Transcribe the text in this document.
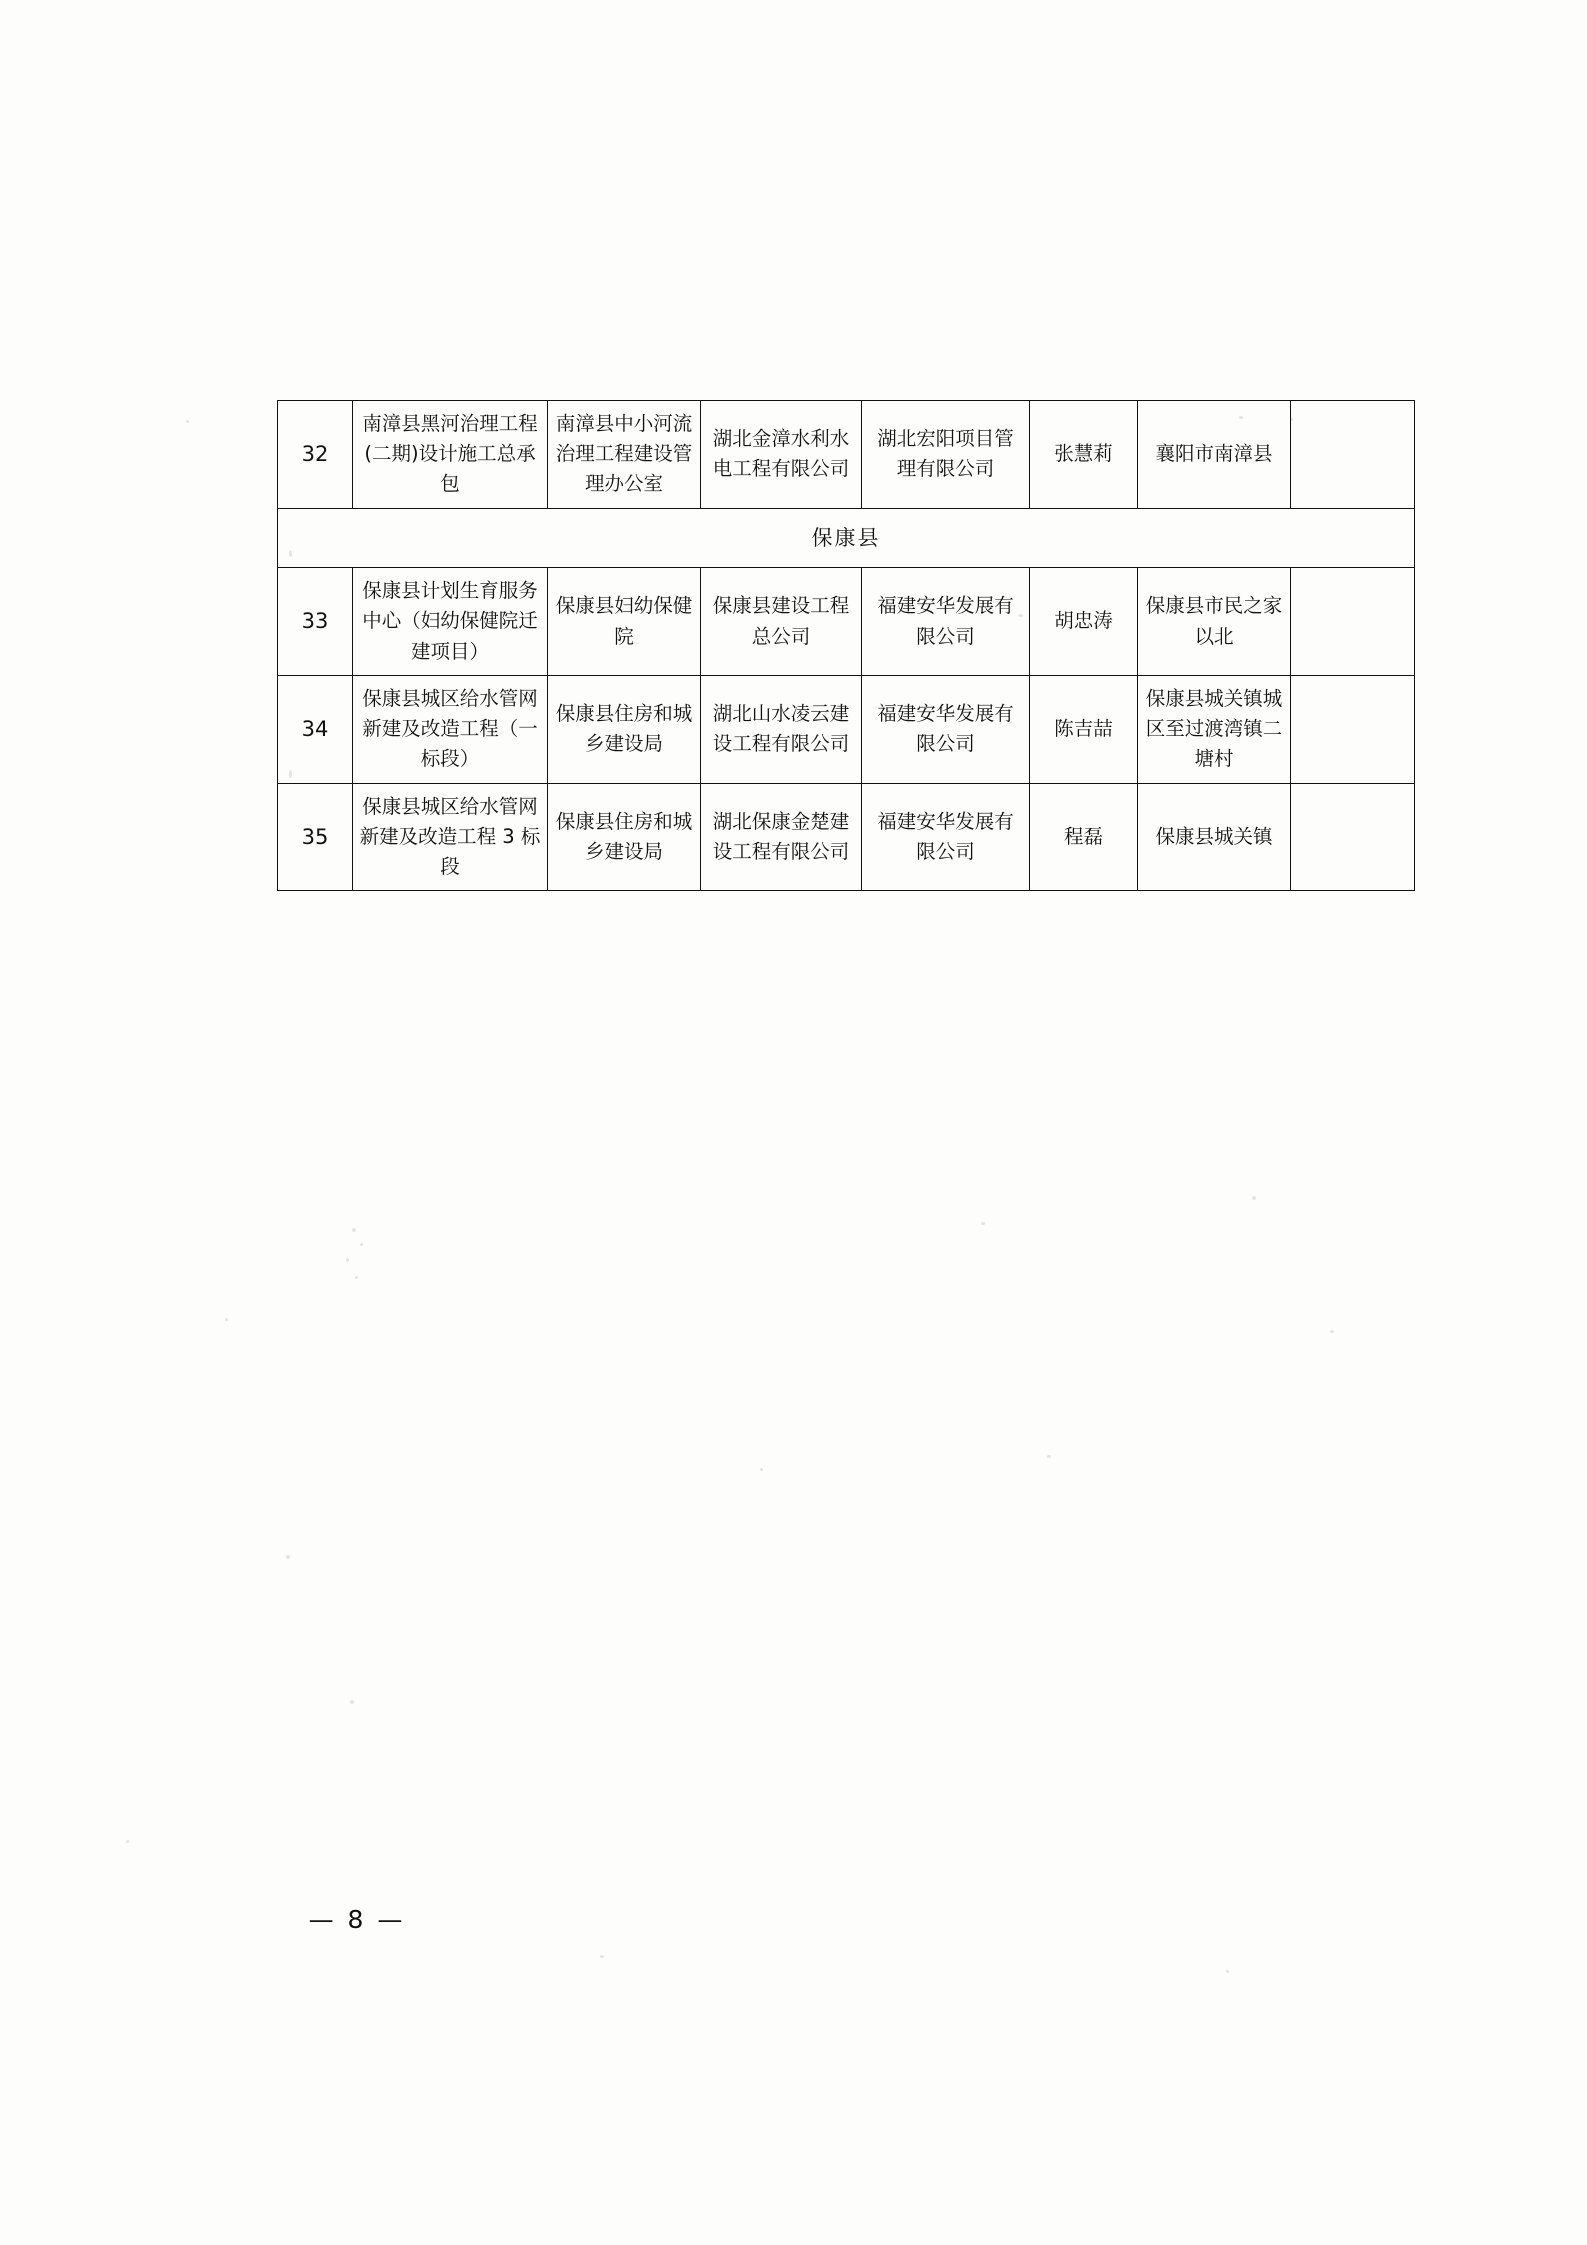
32	南漳县黑河治理工程(二期)设计施工总承包	南漳县中小河流治理工程建设管理办公室	湖北金漳水利水电工程有限公司	湖北宏阳项目管理有限公司	张慧莉	襄阳市南漳县	
保康县							
33	保康县计划生育服务中心（妇幼保健院迁建项目）	保康县妇幼保健院	保康县建设工程总公司	福建安华发展有限公司	胡忠涛	保康县市民之家以北	
34	保康县城区给水管网新建及改造工程（一标段）	保康县住房和城乡建设局	湖北山水凌云建设工程有限公司	福建安华发展有限公司	陈吉喆	保康县城关镇城区至过渡湾镇二塘村	
35	保康县城区给水管网新建及改造工程 3 标段	保康县住房和城乡建设局	湖北保康金楚建设工程有限公司	福建安华发展有限公司	程磊	保康县城关镇	
— 8 —
